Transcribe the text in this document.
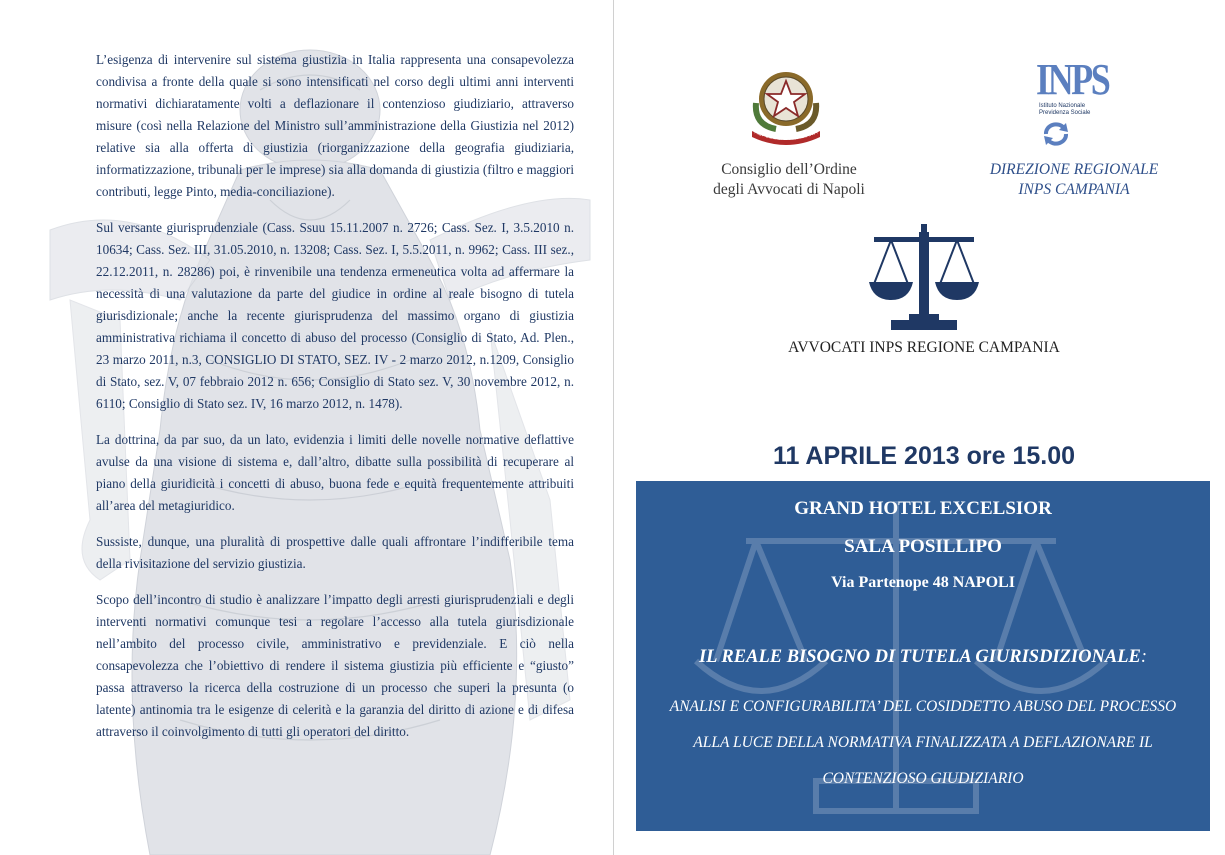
L’esigenza di intervenire sul sistema giustizia in Italia rappresenta una consapevolezza condivisa a fronte della quale si sono intensificati nel corso degli ultimi anni interventi normativi dichiaratamente volti a deflazionare il contenzioso giudiziario, attraverso misure (così nella Relazione del Ministro sull’amministrazione della Giustizia nel 2012) relative sia alla offerta di giustizia (riorganizzazione della geografia giudiziaria, informatizzazione, tribunali per le imprese) sia alla domanda di giustizia (filtro e maggiori contributi, legge Pinto, media-conciliazione).

Sul versante giurisprudenziale (Cass. Ssuu 15.11.2007 n. 2726; Cass. Sez. I, 3.5.2010 n. 10634; Cass. Sez. III, 31.05.2010, n. 13208; Cass. Sez. I, 5.5.2011, n. 9962; Cass. III sez., 22.12.2011, n. 28286) poi, è rinvenibile una tendenza ermeneutica volta ad affermare la necessità di una valutazione da parte del giudice in ordine al reale bisogno di tutela giurisdizionale; anche la recente giurisprudenza del massimo organo di giustizia amministrativa richiama il concetto di abuso del processo (Consiglio di Stato, Ad. Plen., 23 marzo 2011, n.3, CONSIGLIO DI STATO, SEZ. IV - 2 marzo 2012, n.1209, Consiglio di Stato, sez. V, 07 febbraio 2012 n. 656; Consiglio di Stato sez. V, 30 novembre 2012, n. 6110; Consiglio di Stato sez. IV, 16 marzo 2012, n. 1478).

La dottrina, da par suo, da un lato, evidenzia i limiti delle novelle normative deflattive avulse da una visione di sistema e, dall’altro, dibatte sulla possibilità di recuperare al piano della giuridicità i concetti di abuso, buona fede e equità frequentemente attribuiti all’area del metagiuridico.

Sussiste, dunque, una pluralità di prospettive dalle quali affrontare l’indifferibile tema della rivisitazione del servizio giustizia.

Scopo dell’incontro di studio è analizzare l’impatto degli arresti giurisprudenziali e degli interventi normativi comunque tesi a regolare l’accesso alla tutela giurisdizionale nell’ambito del processo civile, amministrativo e previdenziale. E ciò nella consapevolezza che l’obiettivo di rendere il sistema giustizia più efficiente e “giusto” passa attraverso la ricerca della costruzione di un processo che superi la presunta (o latente) antinomia tra le esigenze di celerità e la garanzia del diritto di azione e di difesa attraverso il coinvolgimento di tutti gli operatori del diritto.

REPUBBLICA ITALIANA
INPS
Istituto Nazionale Previdenza Sociale
Consiglio dell’Ordine
degli Avvocati di Napoli
DIREZIONE REGIONALE
INPS CAMPANIA
AVVOCATI INPS REGIONE CAMPANIA
11 APRILE 2013 ore 15.00
GRAND HOTEL EXCELSIOR
SALA POSILLIPO
Via Partenope 48 NAPOLI
IL REALE BISOGNO DI TUTELA GIURISDIZIONALE:
ANALISI E CONFIGURABILITA’ DEL COSIDDETTO ABUSO DEL PROCESSO ALLA LUCE DELLA NORMATIVA FINALIZZATA A DEFLAZIONARE IL CONTENZIOSO GIUDIZIARIO
